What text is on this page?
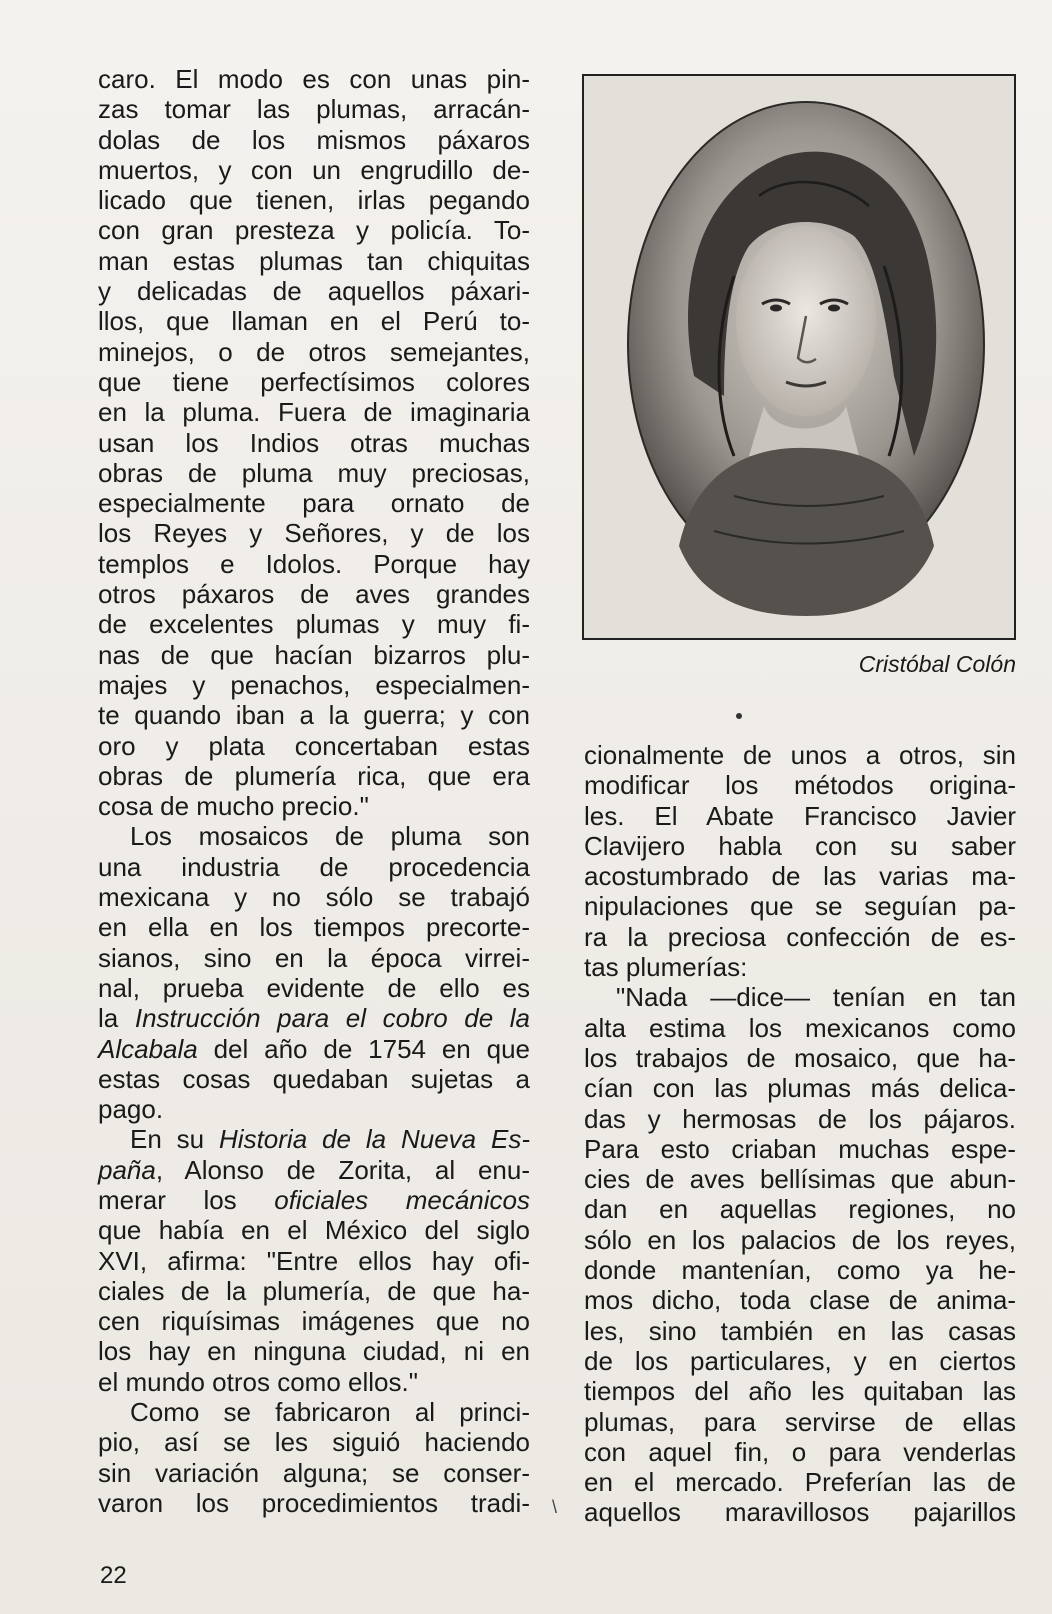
caro. El modo es con unas pin-
zas tomar las plumas, arracán-
dolas de los mismos páxaros
muertos, y con un engrudillo de-
licado que tienen, irlas pegando
con gran presteza y policía. To-
man estas plumas tan chiquitas
y delicadas de aquellos páxari-
llos, que llaman en el Perú to-
minejos, o de otros semejantes,
que tiene perfectísimos colores
en la pluma. Fuera de imaginaria
usan los Indios otras muchas
obras de pluma muy preciosas,
especialmente para ornato de
los Reyes y Señores, y de los
templos e Idolos. Porque hay
otros páxaros de aves grandes
de excelentes plumas y muy fi-
nas de que hacían bizarros plu-
majes y penachos, especialmen-
te quando iban a la guerra; y con
oro y plata concertaban estas
obras de plumería rica, que era
cosa de mucho precio."
Los mosaicos de pluma son
una industria de procedencia
mexicana y no sólo se trabajó
en ella en los tiempos precorte-
sianos, sino en la época virrei-
nal, prueba evidente de ello es
la Instrucción para el cobro de la
Alcabala del año de 1754 en que
estas cosas quedaban sujetas a
pago.
En su Historia de la Nueva Es-
paña, Alonso de Zorita, al enu-
merar los oficiales mecánicos
que había en el México del siglo
XVI, afirma: "Entre ellos hay ofi-
ciales de la plumería, de que ha-
cen riquísimas imágenes que no
los hay en ninguna ciudad, ni en
el mundo otros como ellos."
Como se fabricaron al princi-
pio, así se les siguió haciendo
sin variación alguna; se conser-
varon los procedimientos tradi-
Cristóbal Colón
cionalmente de unos a otros, sin
modificar los métodos origina-
les. El Abate Francisco Javier
Clavijero habla con su saber
acostumbrado de las varias ma-
nipulaciones que se seguían pa-
ra la preciosa confección de es-
tas plumerías:
"Nada —dice— tenían en tan
alta estima los mexicanos como
los trabajos de mosaico, que ha-
cían con las plumas más delica-
das y hermosas de los pájaros.
Para esto criaban muchas espe-
cies de aves bellísimas que abun-
dan en aquellas regiones, no
sólo en los palacios de los reyes,
donde mantenían, como ya he-
mos dicho, toda clase de anima-
les, sino también en las casas
de los particulares, y en ciertos
tiempos del año les quitaban las
plumas, para servirse de ellas
con aquel fin, o para venderlas
en el mercado. Preferían las de
aquellos maravillosos pajarillos
\
22
